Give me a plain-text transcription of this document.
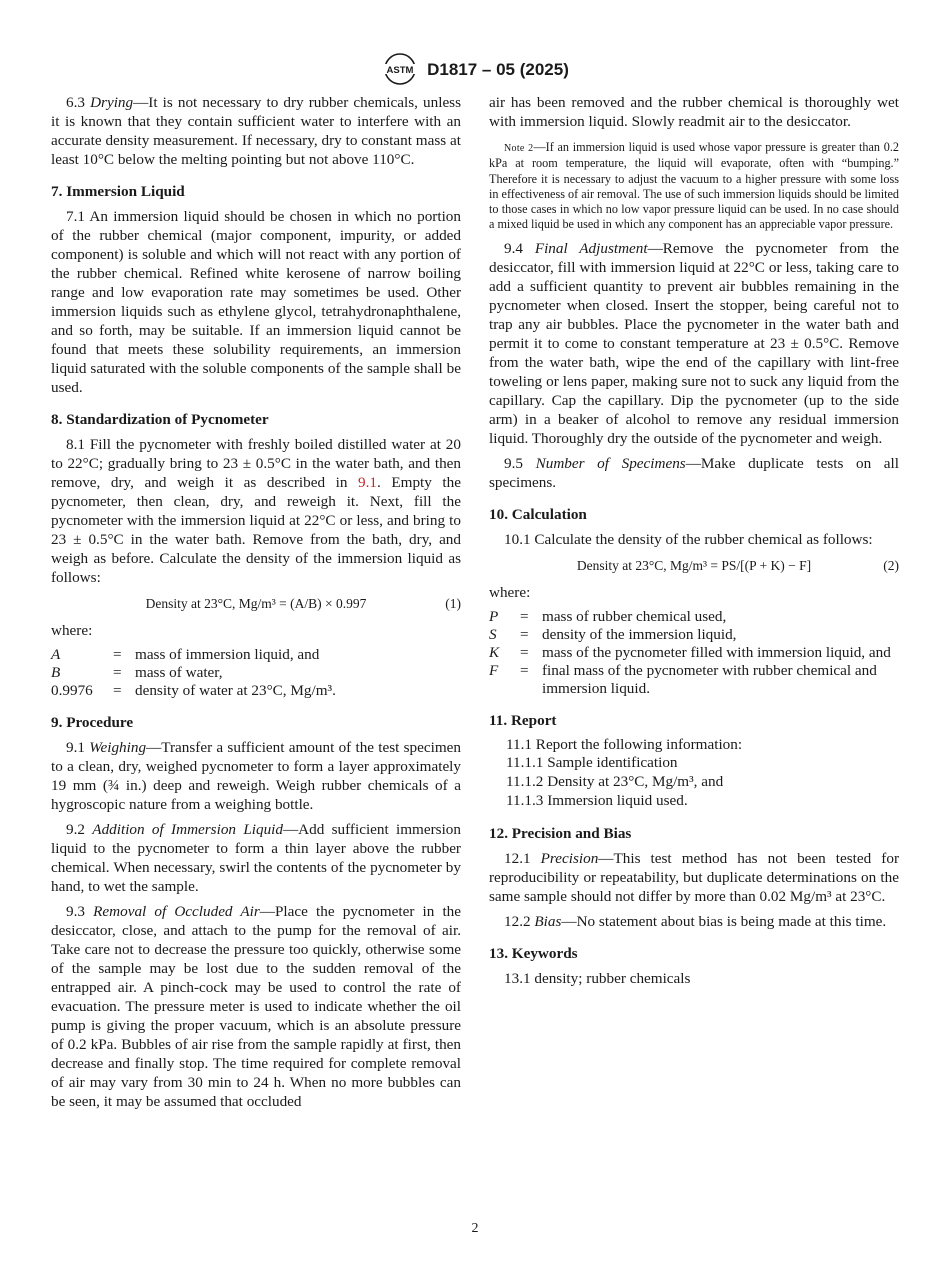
ASTM D1817 – 05 (2025)

6.3 Drying—It is not necessary to dry rubber chemicals, unless it is known that they contain sufficient water to interfere with an accurate density measurement. If necessary, dry to constant mass at least 10°C below the melting pointing but not above 110°C.

7. Immersion Liquid

7.1 An immersion liquid should be chosen in which no portion of the rubber chemical (major component, impurity, or added component) is soluble and which will not react with any portion of the rubber chemical. Refined white kerosene of narrow boiling range and low evaporation rate may sometimes be used. Other immersion liquids such as ethylene glycol, tetrahydronaphthalene, and so forth, may be suitable. If an immersion liquid cannot be found that meets these solubility requirements, an immersion liquid saturated with the soluble components of the sample shall be used.

8. Standardization of Pycnometer

8.1 Fill the pycnometer with freshly boiled distilled water at 20 to 22°C; gradually bring to 23 ± 0.5°C in the water bath, and then remove, dry, and weigh it as described in 9.1. Empty the pycnometer, then clean, dry, and reweigh it. Next, fill the pycnometer with the immersion liquid at 22°C or less, and bring to 23 ± 0.5°C in the water bath. Remove from the bath, dry, and weigh as before. Calculate the density of the immersion liquid as follows:

Density at 23°C, Mg/m³ = (A/B) × 0.997	(1)

where:

A	= mass of immersion liquid, and
B	= mass of water,
0.9976	= density of water at 23°C, Mg/m³.
9. Procedure

9.1 Weighing—Transfer a sufficient amount of the test specimen to a clean, dry, weighed pycnometer to form a layer approximately 19 mm (¾ in.) deep and reweigh. Weigh rubber chemicals of a hygroscopic nature from a weighing bottle.

9.2 Addition of Immersion Liquid—Add sufficient immersion liquid to the pycnometer to form a thin layer above the rubber chemical. When necessary, swirl the contents of the pycnometer by hand, to wet the sample.

9.3 Removal of Occluded Air—Place the pycnometer in the desiccator, close, and attach to the pump for the removal of air. Take care not to decrease the pressure too quickly, otherwise some of the sample may be lost due to the sudden removal of the entrapped air. A pinch-cock may be used to control the rate of evacuation. The pressure meter is used to indicate whether the oil pump is giving the proper vacuum, which is an absolute pressure of 0.2 kPa. Bubbles of air rise from the sample rapidly at first, then decrease and finally stop. The time required for complete removal of air may vary from 30 min to 24 h. When no more bubbles can be seen, it may be assumed that occluded

air has been removed and the rubber chemical is thoroughly wet with immersion liquid. Slowly readmit air to the desiccator.

Note 2—If an immersion liquid is used whose vapor pressure is greater than 0.2 kPa at room temperature, the liquid will evaporate, often with “bumping.” Therefore it is necessary to adjust the vacuum to a higher pressure with some loss in effectiveness of air removal. The use of such immersion liquids should be limited to those cases in which no low vapor pressure liquid can be used. In no case should a mixed liquid be used in which any component has an appreciable vapor pressure.

9.4 Final Adjustment—Remove the pycnometer from the desiccator, fill with immersion liquid at 22°C or less, taking care to add a sufficient quantity to prevent air bubbles remaining in the pycnometer when closed. Insert the stopper, being careful not to trap any air bubbles. Place the pycnometer in the water bath and permit it to come to constant temperature at 23 ± 0.5°C. Remove from the water bath, wipe the end of the capillary with lint-free toweling or lens paper, making sure not to suck any liquid from the capillary. Cap the capillary. Dip the pycnometer (up to the side arm) in a beaker of alcohol to remove any residual immersion liquid. Thoroughly dry the outside of the pycnometer and weigh.

9.5 Number of Specimens—Make duplicate tests on all specimens.

10. Calculation

10.1 Calculate the density of the rubber chemical as follows:

Density at 23°C, Mg/m³ = PS/[(P + K) − F]	(2)

where:

P	= mass of rubber chemical used,
S	= density of the immersion liquid,
K	= mass of the pycnometer filled with immersion liquid, and
F	= final mass of the pycnometer with rubber chemical and immersion liquid.
11. Report
11.1 Report the following information:
11.1.1 Sample identification
11.1.2 Density at 23°C, Mg/m³, and
11.1.3 Immersion liquid used.
12. Precision and Bias

12.1 Precision—This test method has not been tested for reproducibility or repeatability, but duplicate determinations on the same sample should not differ by more than 0.02 Mg/m³ at 23°C.

12.2 Bias—No statement about bias is being made at this time.

13. Keywords

13.1 density; rubber chemicals

2
